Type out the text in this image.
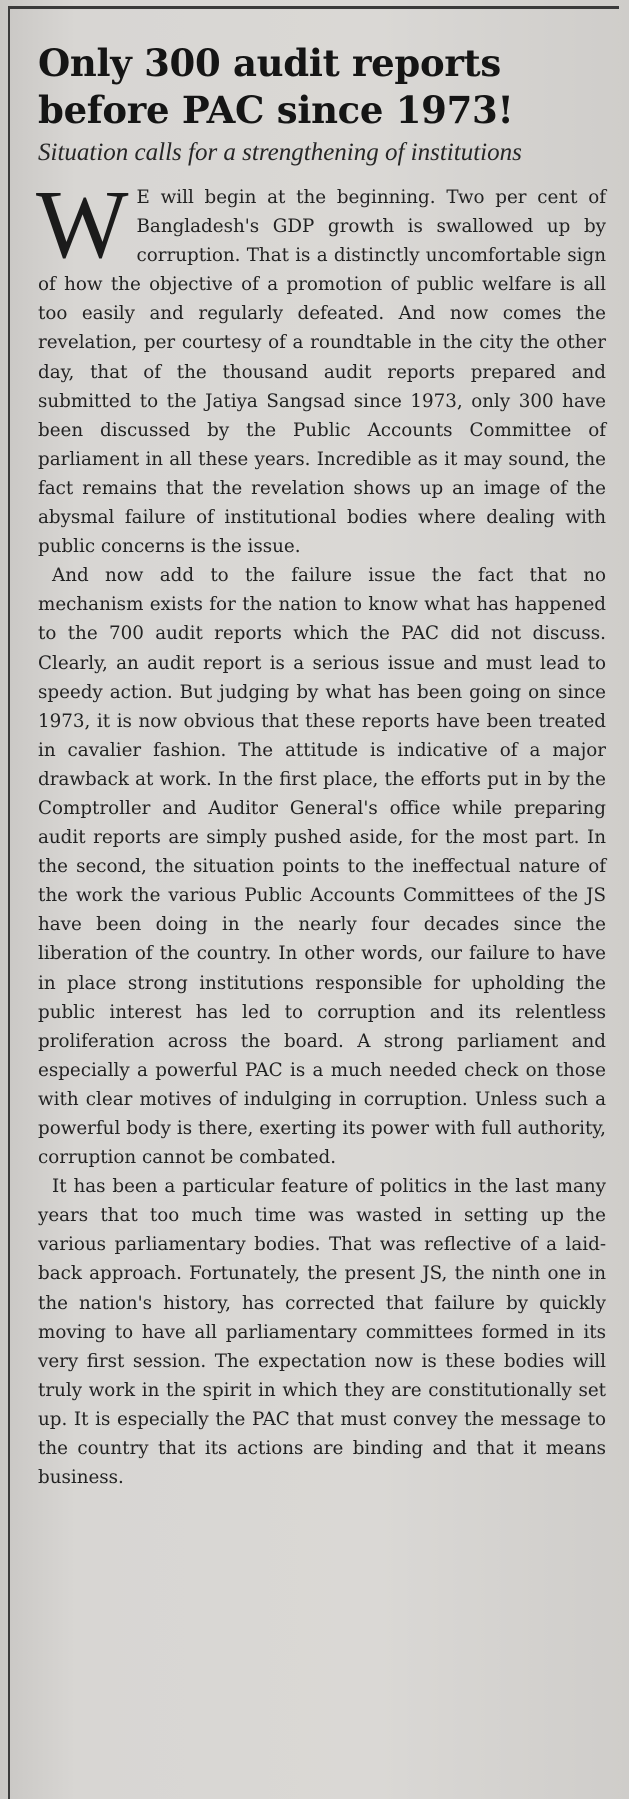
Only 300 audit reports before PAC since 1973!
Situation calls for a strengthening of institutions

W E will begin at the beginning. Two per cent of Bangladesh's GDP growth is swallowed up by corruption. That is a distinctly uncomfortable sign of how the objective of a promotion of public welfare is all too easily and regularly defeated. And now comes the revelation, per courtesy of a roundtable in the city the other day, that of the thousand audit reports prepared and submitted to the Jatiya Sangsad since 1973, only 300 have been discussed by the Public Accounts Committee of parliament in all these years. Incredible as it may sound, the fact remains that the revelation shows up an image of the abysmal failure of institutional bodies where dealing with public concerns is the issue.

And now add to the failure issue the fact that no mechanism exists for the nation to know what has happened to the 700 audit reports which the PAC did not discuss. Clearly, an audit report is a serious issue and must lead to speedy action. But judging by what has been going on since 1973, it is now obvious that these reports have been treated in cavalier fashion. The attitude is indicative of a major drawback at work. In the first place, the efforts put in by the Comptroller and Auditor General's office while preparing audit reports are simply pushed aside, for the most part. In the second, the situation points to the ineffectual nature of the work the various Public Accounts Committees of the JS have been doing in the nearly four decades since the liberation of the country. In other words, our failure to have in place strong institutions responsible for upholding the public interest has led to corruption and its relentless proliferation across the board. A strong parliament and especially a powerful PAC is a much needed check on those with clear motives of indulging in corruption. Unless such a powerful body is there, exerting its power with full authority, corruption cannot be combated.

It has been a particular feature of politics in the last many years that too much time was wasted in setting up the various parliamentary bodies. That was reflective of a laid-back approach. Fortunately, the present JS, the ninth one in the nation's history, has corrected that failure by quickly moving to have all parliamentary committees formed in its very first session. The expectation now is these bodies will truly work in the spirit in which they are constitutionally set up. It is especially the PAC that must convey the message to the country that its actions are binding and that it means business.
